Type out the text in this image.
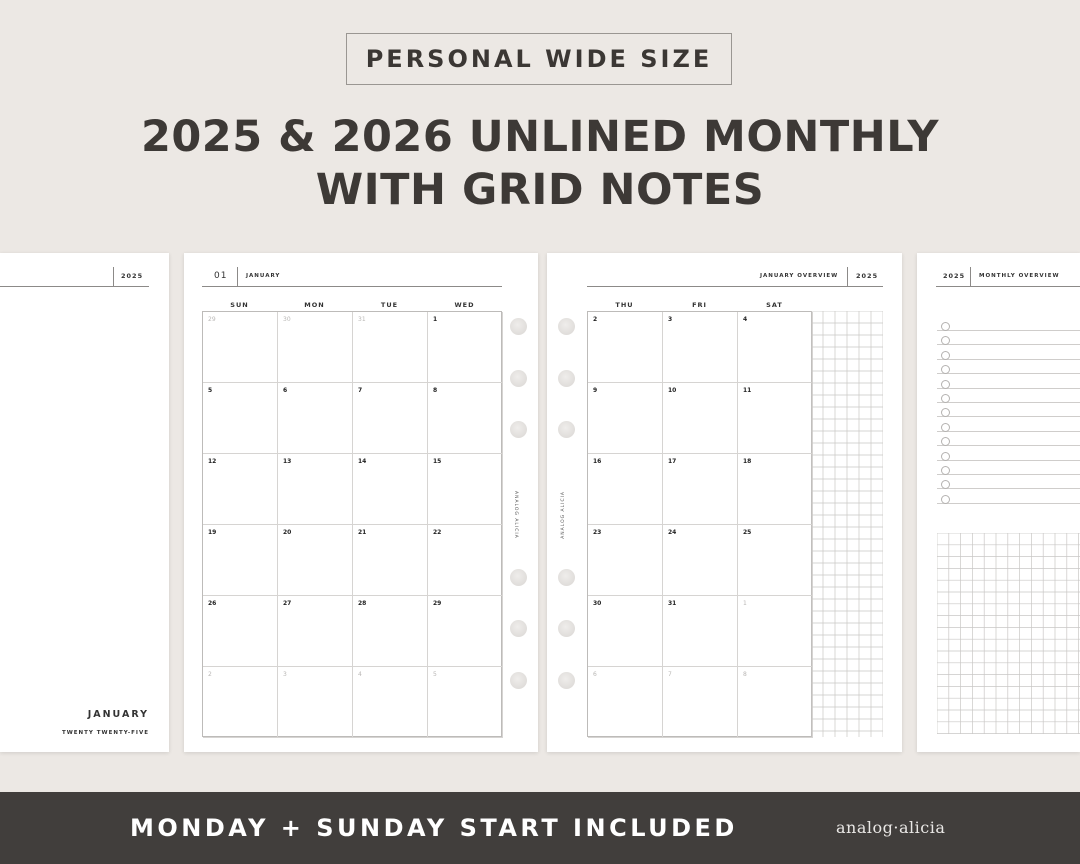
PERSONAL WIDE SIZE
2025 & 2026 UNLINED MONTHLY
WITH GRID NOTES
2025
JANUARY
TWENTY TWENTY-FIVE
01	JANUARY
SUN	MON	TUE	WED
29	30	31	1
5	6	7	8
12	13	14	15
19	20	21	22
26	27	28	29
2	3	4	5
ANALOG ALICIA	ANALOG ALICIA
JANUARY OVERVIEW	2025
THU	FRI	SAT
2	3	4
9	10	11
16	17	18
23	24	25
30	31	1
6	7	8
2025	MONTHLY OVERVIEW
MONDAY + SUNDAY START INCLUDED	analog·alicia
